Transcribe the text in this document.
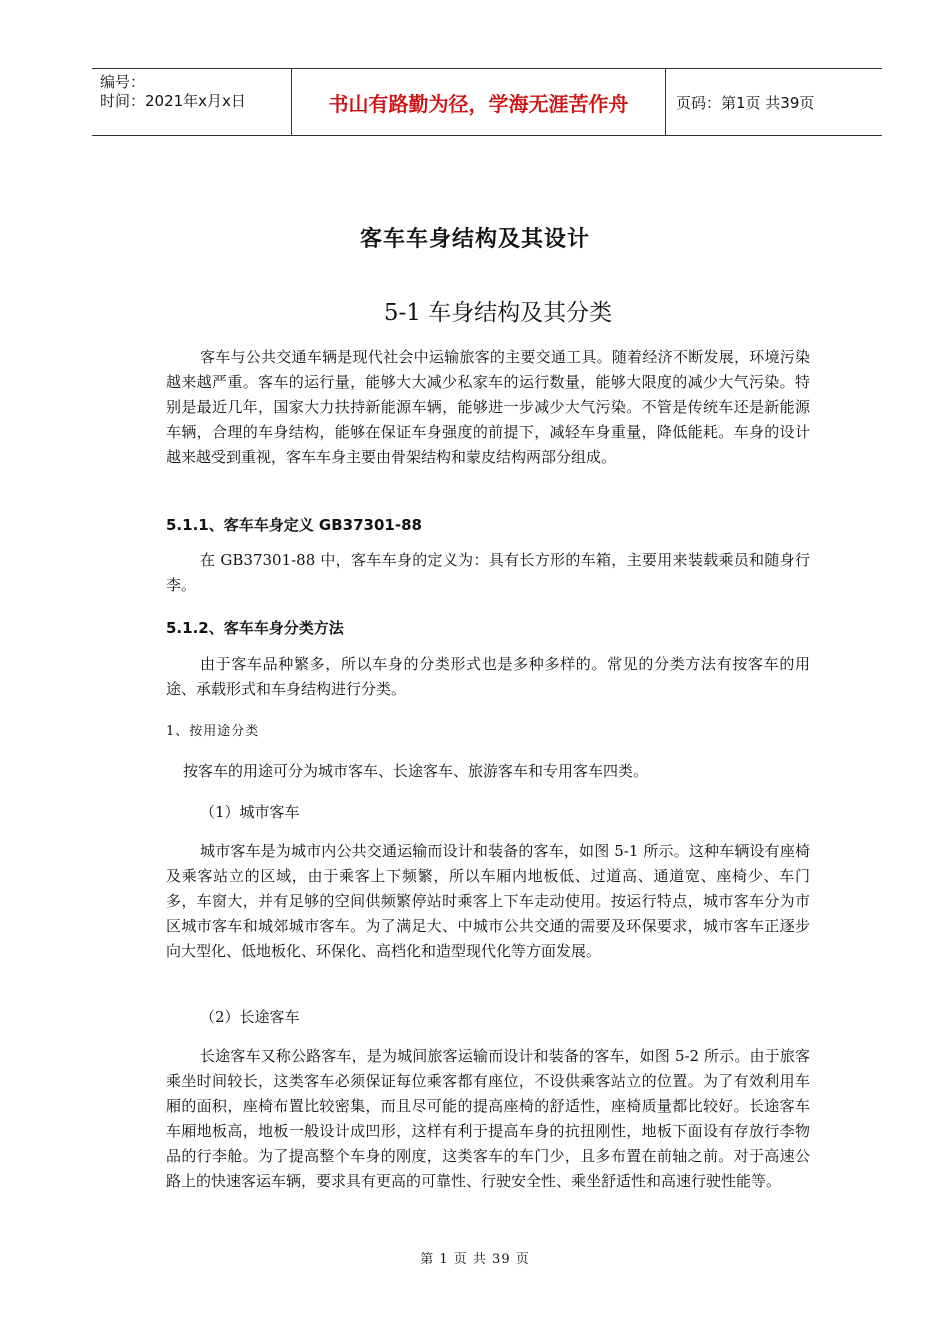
编号：
时间：2021年x月x日	书山有路勤为径，学海无涯苦作舟	页码：第1页 共39页
客车车身结构及其设计
5-1 车身结构及其分类
客车与公共交通车辆是现代社会中运输旅客的主要交通工具。随着经济不断发展，环境污染越来越严重。客车的运行量，能够大大减少私家车的运行数量，能够大限度的减少大气污染。特别是最近几年，国家大力扶持新能源车辆，能够进一步减少大气污染。不管是传统车还是新能源车辆，合理的车身结构，能够在保证车身强度的前提下，减轻车身重量，降低能耗。车身的设计越来越受到重视，客车车身主要由骨架结构和蒙皮结构两部分组成。
5.1.1、客车车身定义 GB37301-88
在 GB37301-88 中，客车车身的定义为：具有长方形的车箱，主要用来装载乘员和随身行李。
5.1.2、客车车身分类方法
由于客车品种繁多，所以车身的分类形式也是多种多样的。常见的分类方法有按客车的用途、承载形式和车身结构进行分类。
1、按用途分类
按客车的用途可分为城市客车、长途客车、旅游客车和专用客车四类。
（1）城市客车
城市客车是为城市内公共交通运输而设计和装备的客车，如图 5-1 所示。这种车辆设有座椅及乘客站立的区域，由于乘客上下频繁，所以车厢内地板低、过道高、通道宽、座椅少、车门多，车窗大，并有足够的空间供频繁停站时乘客上下车走动使用。按运行特点，城市客车分为市区城市客车和城郊城市客车。为了满足大、中城市公共交通的需要及环保要求，城市客车正逐步向大型化、低地板化、环保化、高档化和造型现代化等方面发展。
（2）长途客车
长途客车又称公路客车，是为城间旅客运输而设计和装备的客车，如图 5-2 所示。由于旅客乘坐时间较长，这类客车必须保证每位乘客都有座位，不设供乘客站立的位置。为了有效利用车厢的面积，座椅布置比较密集，而且尽可能的提高座椅的舒适性，座椅质量都比较好。长途客车车厢地板高，地板一般设计成凹形，这样有利于提高车身的抗扭刚性，地板下面设有存放行李物品的行李舱。为了提高整个车身的刚度，这类客车的车门少，且多布置在前轴之前。对于高速公路上的快速客运车辆，要求具有更高的可靠性、行驶安全性、乘坐舒适性和高速行驶性能等。
第 1 页 共 39 页
